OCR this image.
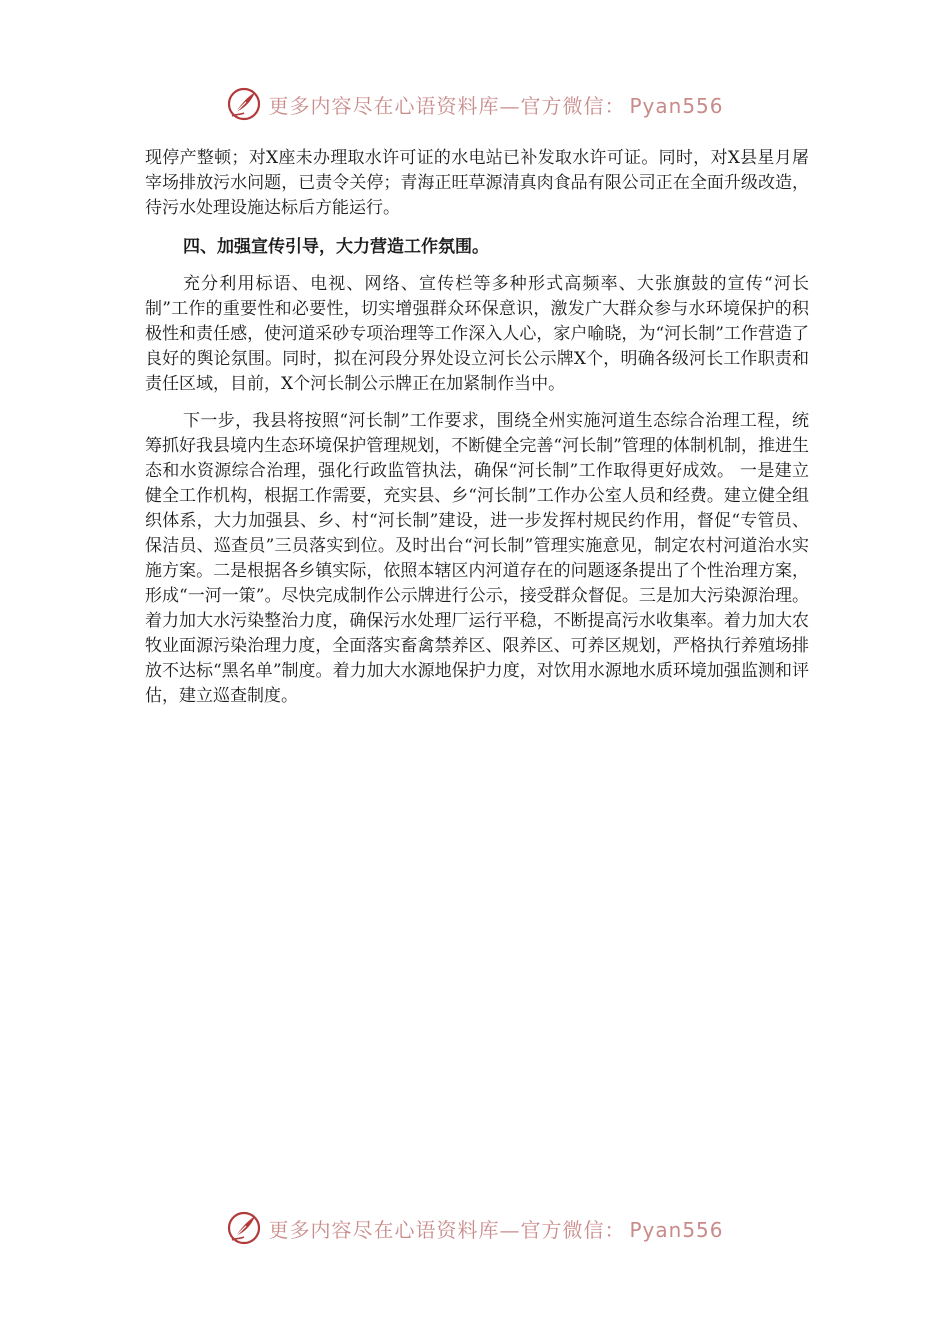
更多内容尽在心语资料库—官方微信： Pyan556

现停产整顿；对X座未办理取水许可证的水电站已补发取水许可证。同时，对X县星月屠宰场排放污水问题，已责令关停；青海正旺草源清真肉食品有限公司正在全面升级改造，待污水处理设施达标后方能运行。

四、加强宣传引导，大力营造工作氛围。

充分利用标语、电视、网络、宣传栏等多种形式高频率、大张旗鼓的宣传“河长制”工作的重要性和必要性，切实增强群众环保意识，激发广大群众参与水环境保护的积极性和责任感，使河道采砂专项治理等工作深入人心，家户喻晓，为“河长制”工作营造了良好的舆论氛围。同时，拟在河段分界处设立河长公示牌X个，明确各级河长工作职责和责任区域，目前，X个河长制公示牌正在加紧制作当中。

下一步，我县将按照“河长制”工作要求，围绕全州实施河道生态综合治理工程，统筹抓好我县境内生态环境保护管理规划，不断健全完善“河长制”管理的体制机制，推进生态和水资源综合治理，强化行政监管执法，确保“河长制”工作取得更好成效。 一是建立健全工作机构，根据工作需要，充实县、乡“河长制”工作办公室人员和经费。建立健全组织体系，大力加强县、乡、村“河长制”建设，进一步发挥村规民约作用，督促“专管员、保洁员、巡查员”三员落实到位。及时出台“河长制”管理实施意见，制定农村河道治水实施方案。二是根据各乡镇实际，依照本辖区内河道存在的问题逐条提出了个性治理方案，形成“一河一策”。尽快完成制作公示牌进行公示，接受群众督促。三是加大污染源治理。着力加大水污染整治力度，确保污水处理厂运行平稳，不断提高污水收集率。着力加大农牧业面源污染治理力度，全面落实畜禽禁养区、限养区、可养区规划，严格执行养殖场排放不达标“黑名单”制度。着力加大水源地保护力度，对饮用水源地水质环境加强监测和评估，建立巡查制度。

更多内容尽在心语资料库—官方微信： Pyan556
